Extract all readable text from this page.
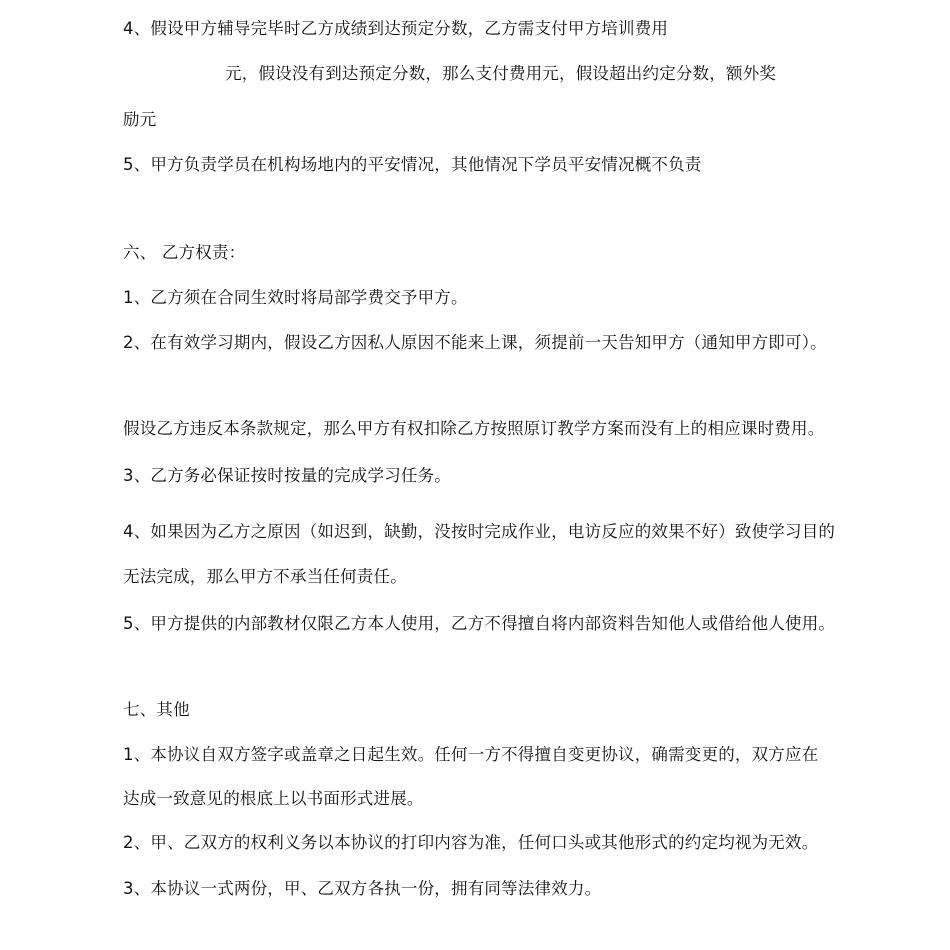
4、假设甲方辅导完毕时乙方成绩到达预定分数，乙方需支付甲方培训费用
元，假设没有到达预定分数，那么支付费用元，假设超出约定分数，额外奖
励元
5、甲方负责学员在机构场地内的平安情况，其他情况下学员平安情况概不负责
六、 乙方权责：
1、乙方须在合同生效时将局部学费交予甲方。
2、在有效学习期内，假设乙方因私人原因不能来上课，须提前一天告知甲方（通知甲方即可）。
假设乙方违反本条款规定，那么甲方有权扣除乙方按照原订教学方案而没有上的相应课时费用。
3、乙方务必保证按时按量的完成学习任务。
4、如果因为乙方之原因（如迟到，缺勤，没按时完成作业，电访反应的效果不好）致使学习目的
无法完成，那么甲方不承当任何责任。
5、甲方提供的内部教材仅限乙方本人使用，乙方不得擅自将内部资料告知他人或借给他人使用。
七、其他
1、本协议自双方签字或盖章之日起生效。任何一方不得擅自变更协议，确需变更的，双方应在
达成一致意见的根底上以书面形式进展。
2、甲、乙双方的权利义务以本协议的打印内容为准，任何口头或其他形式的约定均视为无效。
3、本协议一式两份，甲、乙双方各执一份，拥有同等法律效力。
